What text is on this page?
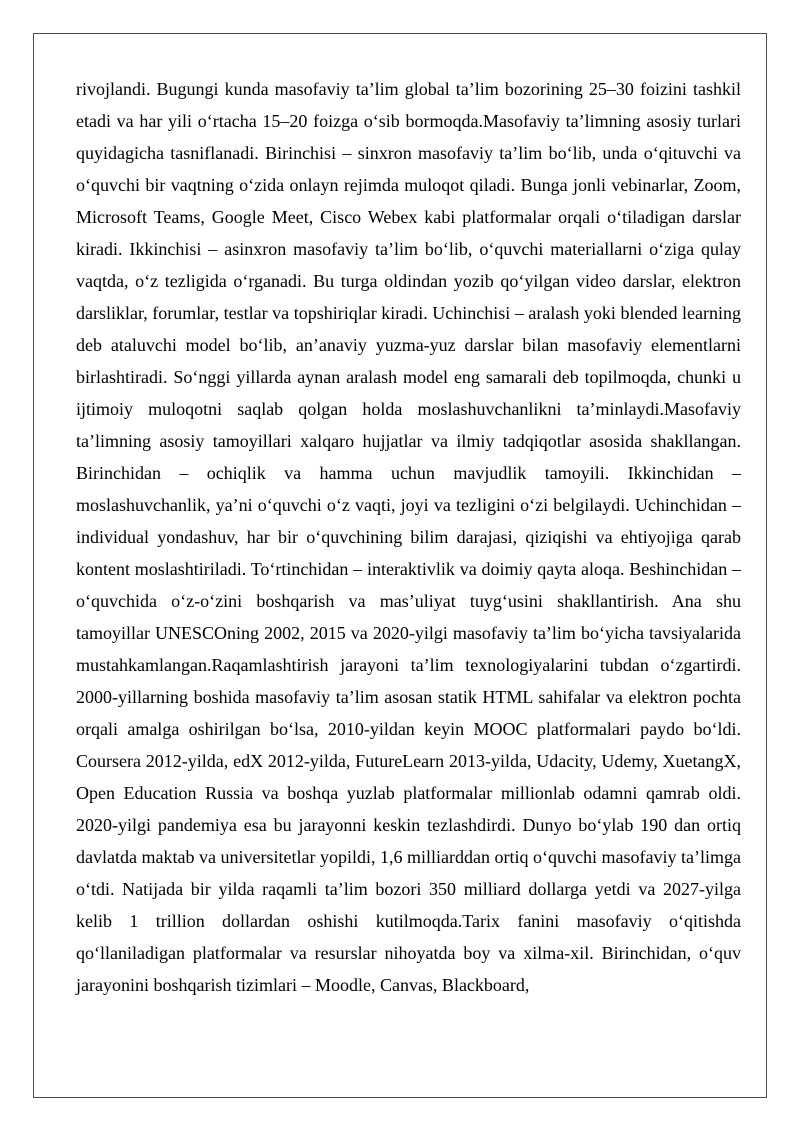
rivojlandi. Bugungi kunda masofaviy ta’lim global ta’lim bozorining 25–30 foizini tashkil etadi va har yili o‘rtacha 15–20 foizga o‘sib bormoqda.Masofaviy ta’limning asosiy turlari quyidagicha tasniflanadi. Birinchisi – sinxron masofaviy ta’lim bo‘lib, unda o‘qituvchi va o‘quvchi bir vaqtning o‘zida onlayn rejimda muloqot qiladi. Bunga jonli vebinarlar, Zoom, Microsoft Teams, Google Meet, Cisco Webex kabi platformalar orqali o‘tiladigan darslar kiradi. Ikkinchisi – asinxron masofaviy ta’lim bo‘lib, o‘quvchi materiallarni o‘ziga qulay vaqtda, o‘z tezligida o‘rganadi. Bu turga oldindan yozib qo‘yilgan video darslar, elektron darsliklar, forumlar, testlar va topshiriqlar kiradi. Uchinchisi – aralash yoki blended learning deb ataluvchi model bo‘lib, an’anaviy yuzma-yuz darslar bilan masofaviy elementlarni birlashtiradi. So‘nggi yillarda aynan aralash model eng samarali deb topilmoqda, chunki u ijtimoiy muloqotni saqlab qolgan holda moslashuvchanlikni ta’minlaydi.Masofaviy ta’limning asosiy tamoyillari xalqaro hujjatlar va ilmiy tadqiqotlar asosida shakllangan. Birinchidan – ochiqlik va hamma uchun mavjudlik tamoyili. Ikkinchidan – moslashuvchanlik, ya’ni o‘quvchi o‘z vaqti, joyi va tezligini o‘zi belgilaydi. Uchinchidan – individual yondashuv, har bir o‘quvchining bilim darajasi, qiziqishi va ehtiyojiga qarab kontent moslashtiriladi. To‘rtinchidan – interaktivlik va doimiy qayta aloqa. Beshinchidan – o‘quvchida o‘z-o‘zini boshqarish va mas’uliyat tuyg‘usini shakllantirish. Ana shu tamoyillar UNESCOning 2002, 2015 va 2020-yilgi masofaviy ta’lim bo‘yicha tavsiyalarida mustahkamlangan.Raqamlashtirish jarayoni ta’lim texnologiyalarini tubdan o‘zgartirdi. 2000-yillarning boshida masofaviy ta’lim asosan statik HTML sahifalar va elektron pochta orqali amalga oshirilgan bo‘lsa, 2010-yildan keyin MOOC platformalari paydo bo‘ldi. Coursera 2012-yilda, edX 2012-yilda, FutureLearn 2013-yilda, Udacity, Udemy, XuetangX, Open Education Russia va boshqa yuzlab platformalar millionlab odamni qamrab oldi. 2020-yilgi pandemiya esa bu jarayonni keskin tezlashdirdi. Dunyo bo‘ylab 190 dan ortiq davlatda maktab va universitetlar yopildi, 1,6 milliarddan ortiq o‘quvchi masofaviy ta’limga o‘tdi. Natijada bir yilda raqamli ta’lim bozori 350 milliard dollarga yetdi va 2027-yilga kelib 1 trillion dollardan oshishi kutilmoqda.Tarix fanini masofaviy o‘qitishda qo‘llaniladigan platformalar va resurslar nihoyatda boy va xilma-xil. Birinchidan, o‘quv jarayonini boshqarish tizimlari – Moodle, Canvas, Blackboard,
